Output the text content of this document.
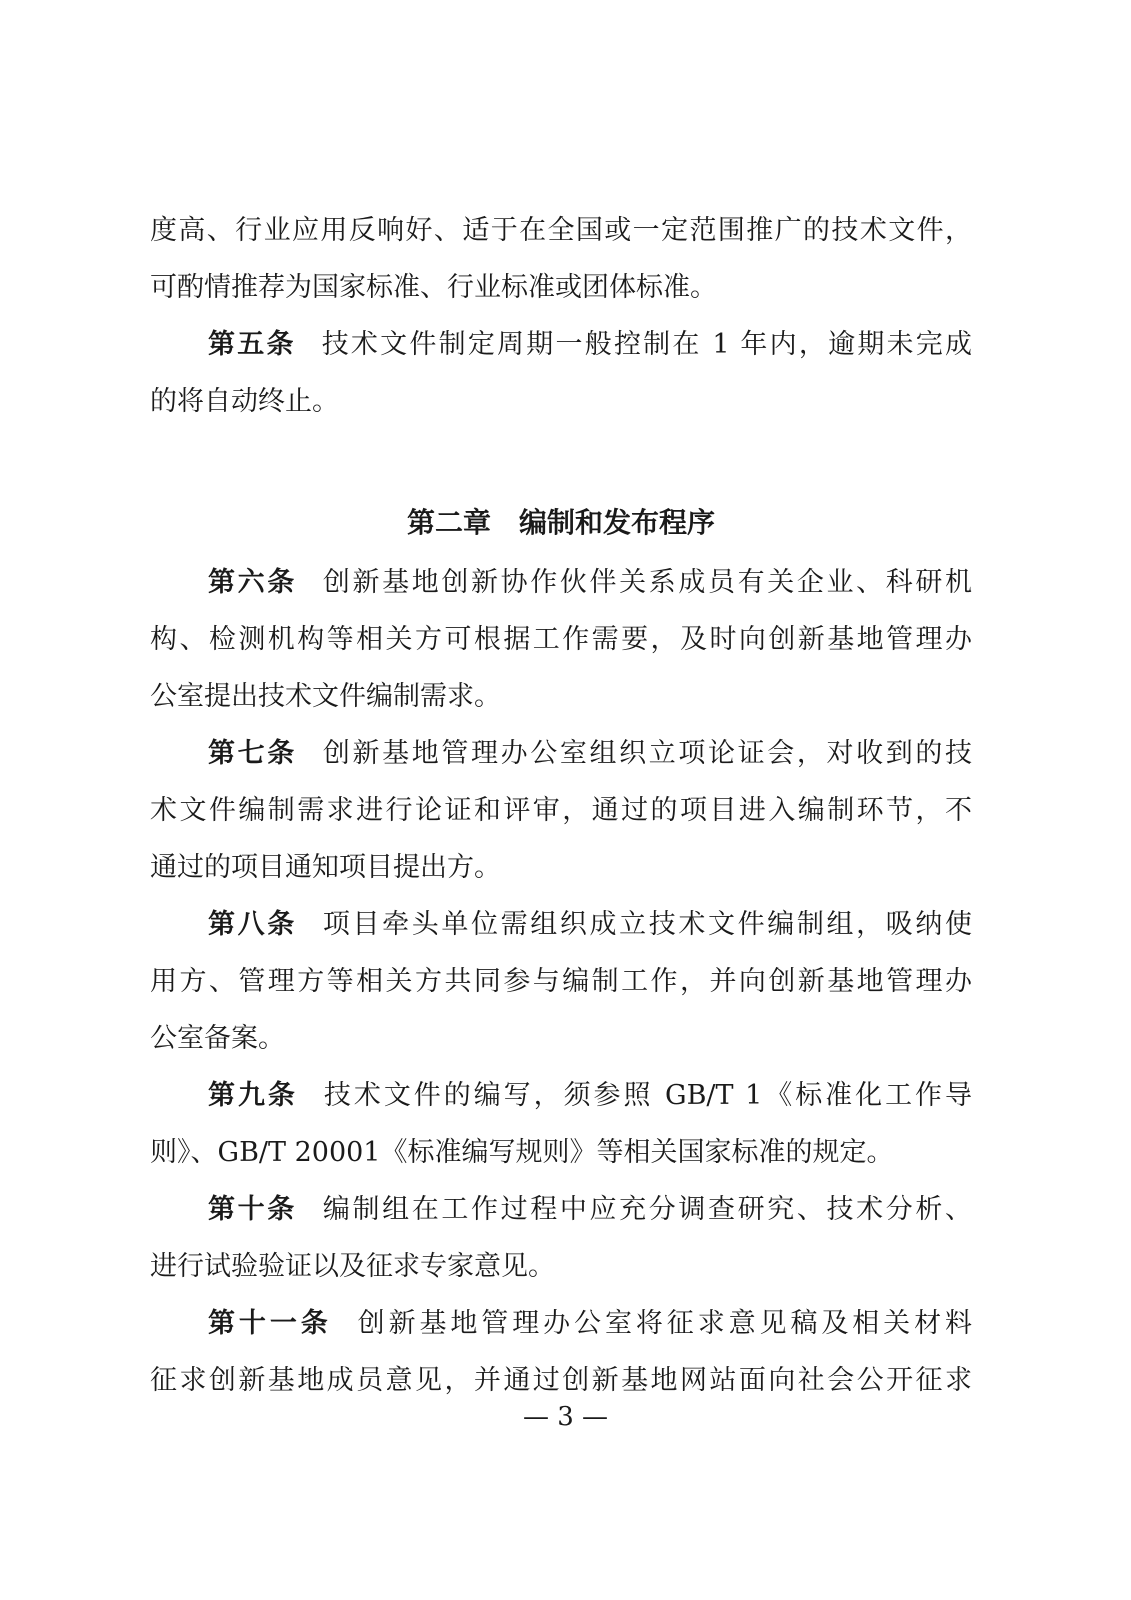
度高、行业应用反响好、适于在全国或一定范围推广的技术文件，
可酌情推荐为国家标准、行业标准或团体标准。
第五条 技术文件制定周期一般控制在 1 年内，逾期未完成
的将自动终止。
第二章 编制和发布程序
第六条 创新基地创新协作伙伴关系成员有关企业、科研机
构、检测机构等相关方可根据工作需要，及时向创新基地管理办
公室提出技术文件编制需求。
第七条 创新基地管理办公室组织立项论证会，对收到的技
术文件编制需求进行论证和评审，通过的项目进入编制环节，不
通过的项目通知项目提出方。
第八条 项目牵头单位需组织成立技术文件编制组，吸纳使
用方、管理方等相关方共同参与编制工作，并向创新基地管理办
公室备案。
第九条 技术文件的编写，须参照 GB/T 1《标准化工作导
则》、GB/T 20001《标准编写规则》等相关国家标准的规定。
第十条 编制组在工作过程中应充分调查研究、技术分析、
进行试验验证以及征求专家意见。
第十一条 创新基地管理办公室将征求意见稿及相关材料
征求创新基地成员意见，并通过创新基地网站面向社会公开征求
— 3 —
